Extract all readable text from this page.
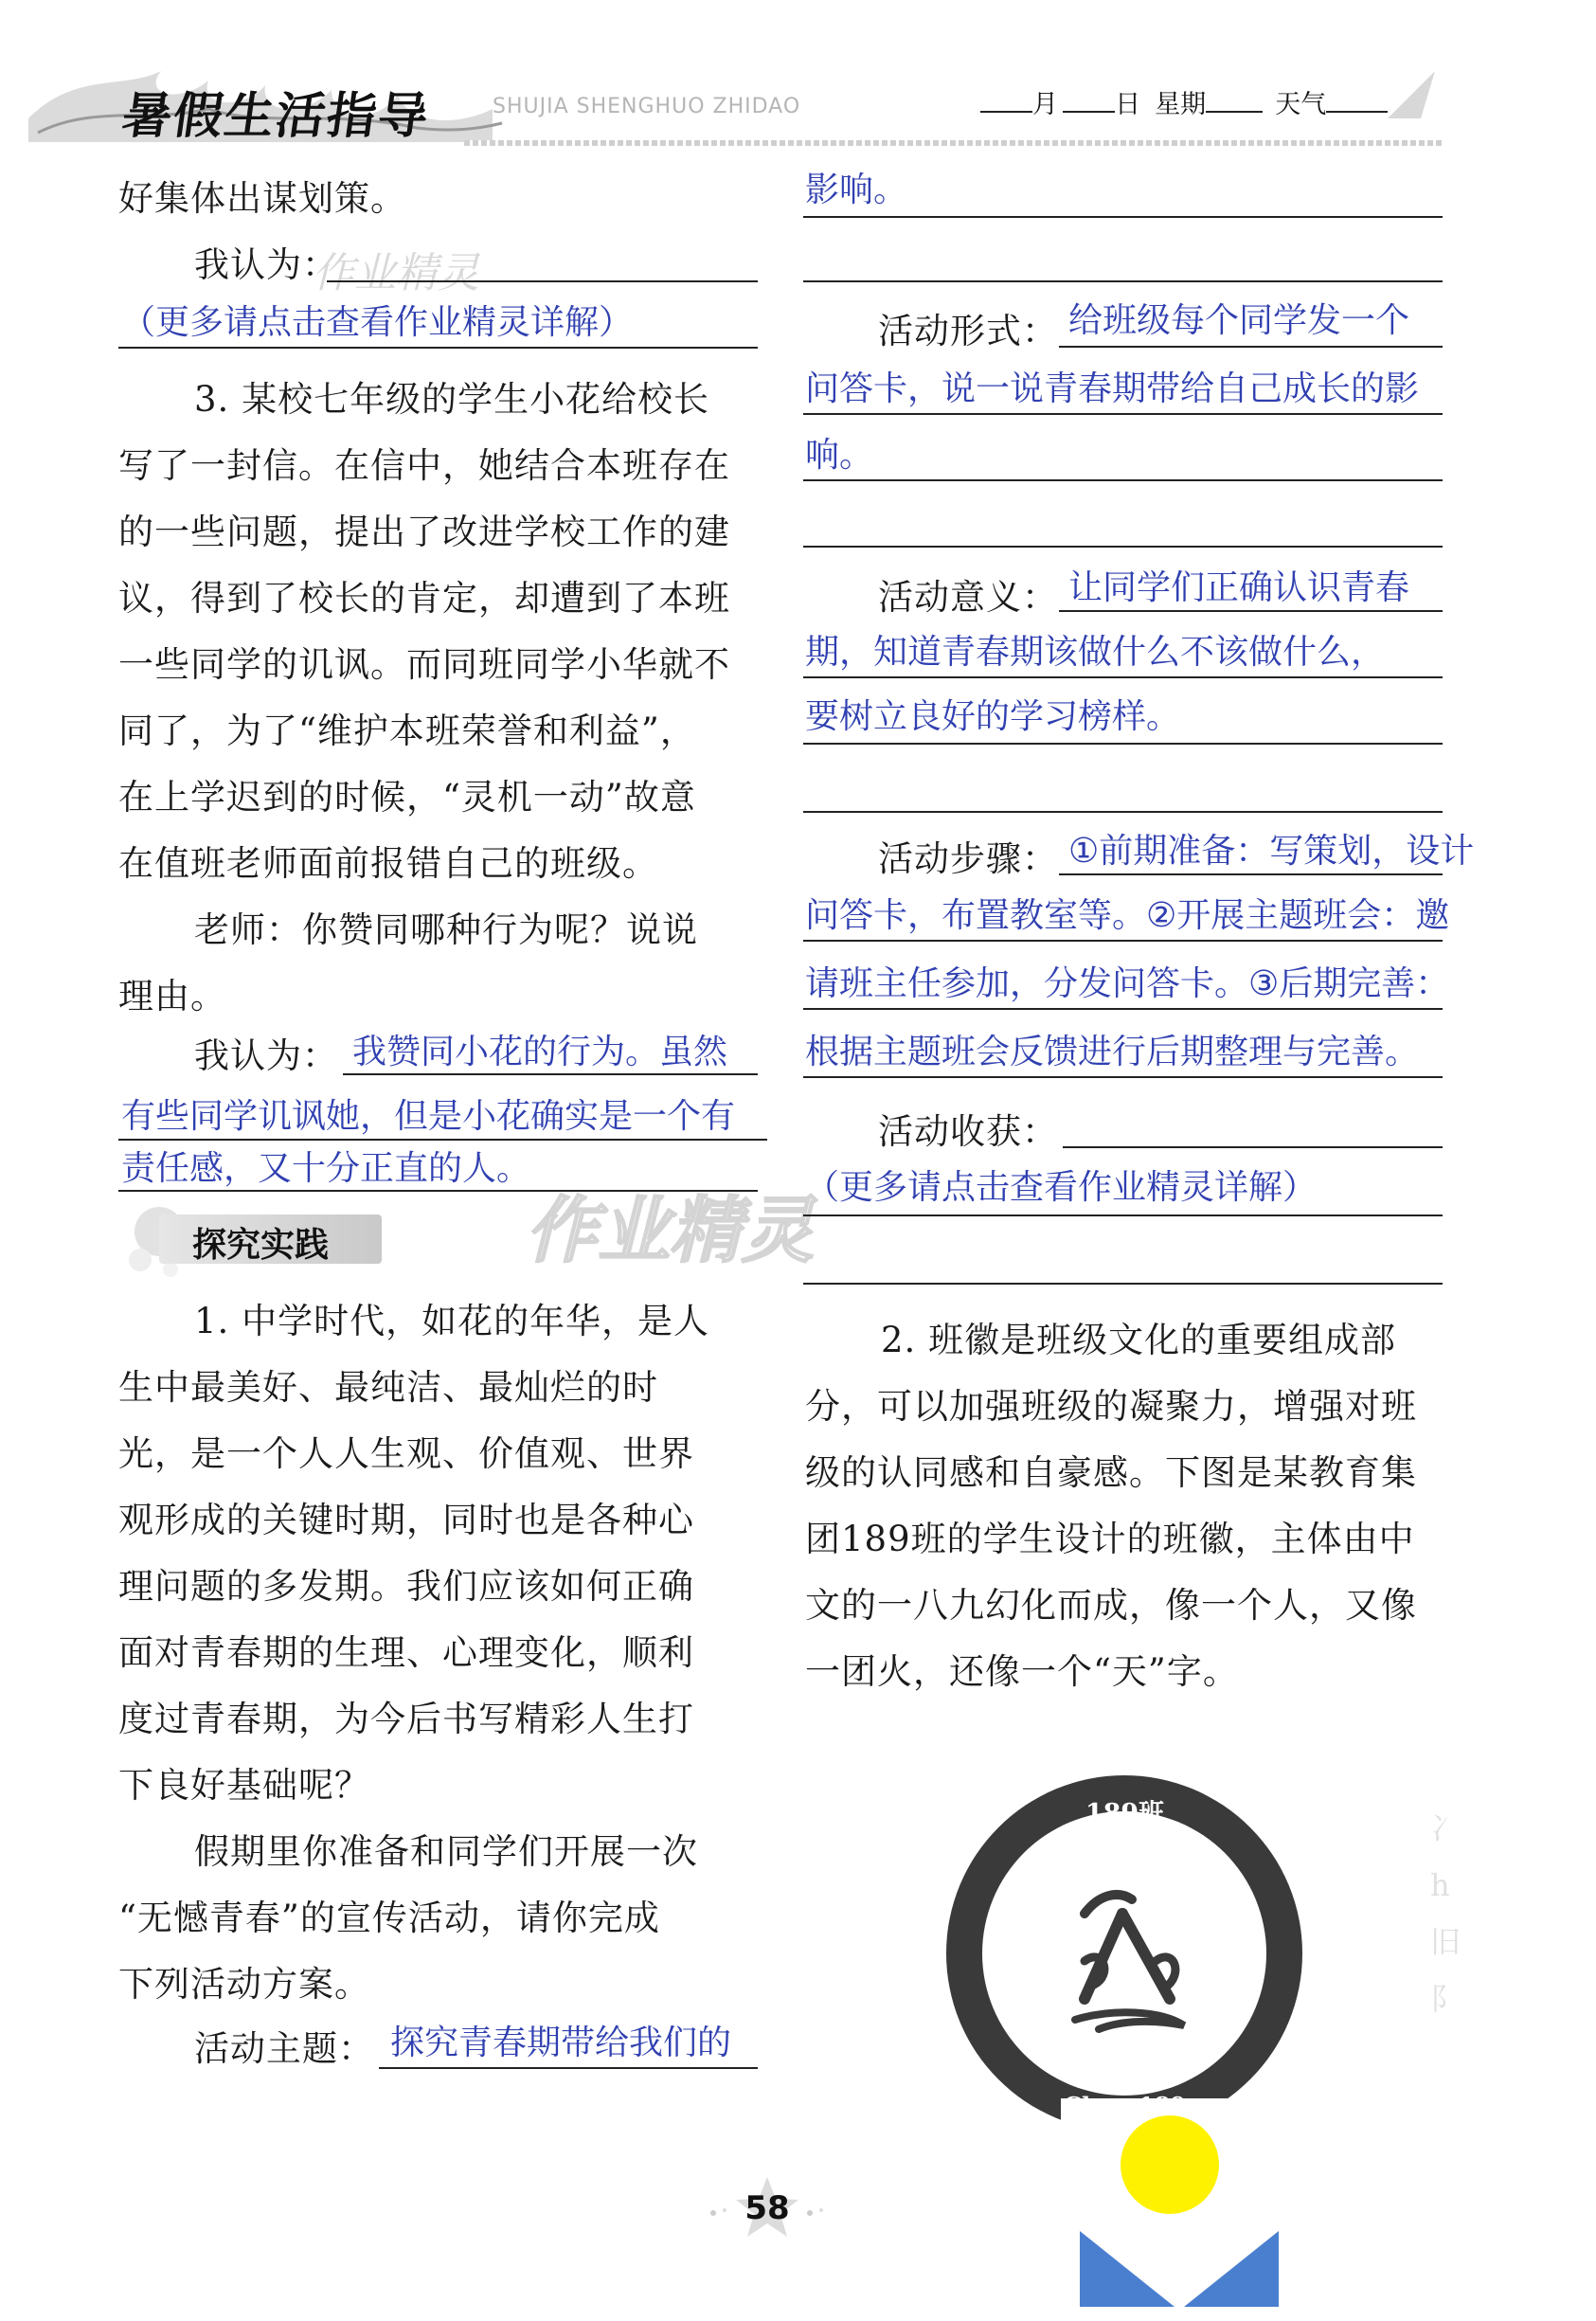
暑假生活指导	SHUJIA SHENGHUO ZHIDAO	月 日 星期	天气
好集体出谋划策。
作业精灵
我认为：
（更多请点击查看作业精灵详解）
3. 某校七年级的学生小花给校长
写了一封信。在信中，她结合本班存在
的一些问题，提出了改进学校工作的建
议，得到了校长的肯定，却遭到了本班
一些同学的讥讽。而同班同学小华就不
同了，为了“维护本班荣誉和利益”，
在上学迟到的时候，“灵机一动”故意
在值班老师面前报错自己的班级。
老师：你赞同哪种行为呢？说说
理由。
我认为： 我赞同小花的行为。虽然
有些同学讥讽她，但是小花确实是一个有
责任感，又十分正直的人。
探究实践	作业精灵
1. 中学时代，如花的年华，是人
生中最美好、最纯洁、最灿烂的时
光，是一个人人生观、价值观、世界
观形成的关键时期，同时也是各种心
理问题的多发期。我们应该如何正确
面对青春期的生理、心理变化，顺利
度过青春期，为今后书写精彩人生打
下良好基础呢？
假期里你准备和同学们开展一次
“无憾青春”的宣传活动，请你完成
下列活动方案。
活动主题： 探究青春期带给我们的
影响。
活动形式： 给班级每个同学发一个
问答卡，说一说青春期带给自己成长的影
响。
活动意义： 让同学们正确认识青春
期，知道青春期该做什么不该做什么，
要树立良好的学习榜样。
活动步骤： ①前期准备：写策划，设计
问答卡，布置教室等。②开展主题班会：邀
请班主任参加，分发问答卡。③后期完善：
根据主题班会反馈进行后期整理与完善。
活动收获：
（更多请点击查看作业精灵详解）
2. 班徽是班级文化的重要组成部
分，可以加强班级的凝聚力，增强对班
级的认同感和自豪感。下图是某教育集
团189班的学生设计的班徽，主体由中
文的一八九幻化而成，像一个人，又像
一团火，还像一个“天”字。
189班	冫
h
旧
阝
58
